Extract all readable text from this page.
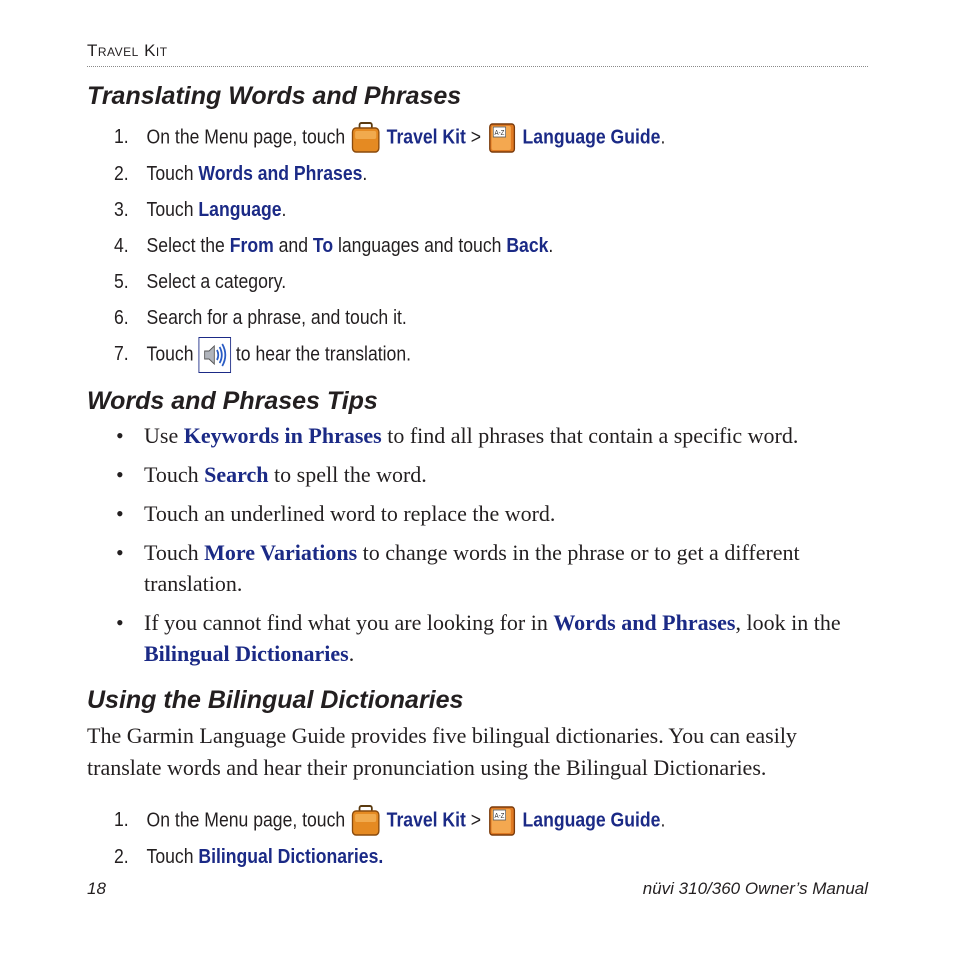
Travel Kit
Translating Words and Phrases
1. On the Menu page, touch Travel Kit > A-Z Language Guide.
2. Touch Words and Phrases.
3. Touch Language.
4. Select the From and To languages and touch Back.
5. Select a category.
6. Search for a phrase, and touch it.
7. Touch to hear the translation.
Words and Phrases Tips
• Use Keywords in Phrases to find all phrases that contain a specific word.
• Touch Search to spell the word.
• Touch an underlined word to replace the word.
• Touch More Variations to change words in the phrase or to get a different translation.
• If you cannot find what you are looking for in Words and Phrases, look in the Bilingual Dictionaries.
Using the Bilingual Dictionaries
The Garmin Language Guide provides five bilingual dictionaries. You can easily translate words and hear their pronunciation using the Bilingual Dictionaries.
1. On the Menu page, touch Travel Kit > A-Z Language Guide.
2. Touch Bilingual Dictionaries.
18	nüvi 310/360 Owner’s Manual
